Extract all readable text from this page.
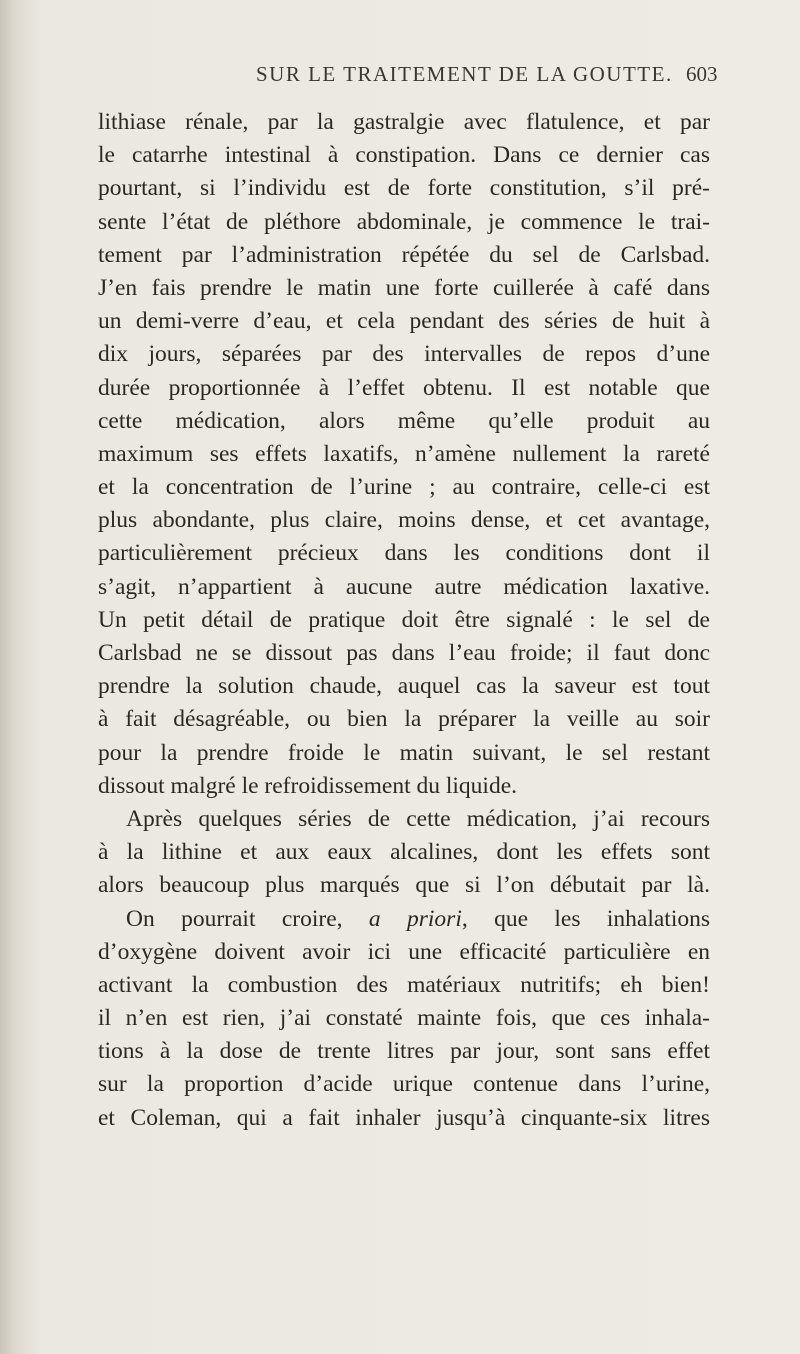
SUR LE TRAITEMENT DE LA GOUTTE. 603
lithiase rénale, par la gastralgie avec flatulence, et par
le catarrhe intestinal à constipation. Dans ce dernier cas
pourtant, si l’individu est de forte constitution, s’il pré-
sente l’état de pléthore abdominale, je commence le trai-
tement par l’administration répétée du sel de Carlsbad.
J’en fais prendre le matin une forte cuillerée à café dans
un demi-verre d’eau, et cela pendant des séries de huit à
dix jours, séparées par des intervalles de repos d’une
durée proportionnée à l’effet obtenu. Il est notable que
cette médication, alors même qu’elle produit au
maximum ses effets laxatifs, n’amène nullement la rareté
et la concentration de l’urine ; au contraire, celle-ci est
plus abondante, plus claire, moins dense, et cet avantage,
particulièrement précieux dans les conditions dont il
s’agit, n’appartient à aucune autre médication laxative.
Un petit détail de pratique doit être signalé : le sel de
Carlsbad ne se dissout pas dans l’eau froide; il faut donc
prendre la solution chaude, auquel cas la saveur est tout
à fait désagréable, ou bien la préparer la veille au soir
pour la prendre froide le matin suivant, le sel restant
dissout malgré le refroidissement du liquide.
Après quelques séries de cette médication, j’ai recours
à la lithine et aux eaux alcalines, dont les effets sont
alors beaucoup plus marqués que si l’on débutait par là.
On pourrait croire, a priori, que les inhalations
d’oxygène doivent avoir ici une efficacité particulière en
activant la combustion des matériaux nutritifs; eh bien!
il n’en est rien, j’ai constaté mainte fois, que ces inhala-
tions à la dose de trente litres par jour, sont sans effet
sur la proportion d’acide urique contenue dans l’urine,
et Coleman, qui a fait inhaler jusqu’à cinquante-six litres
